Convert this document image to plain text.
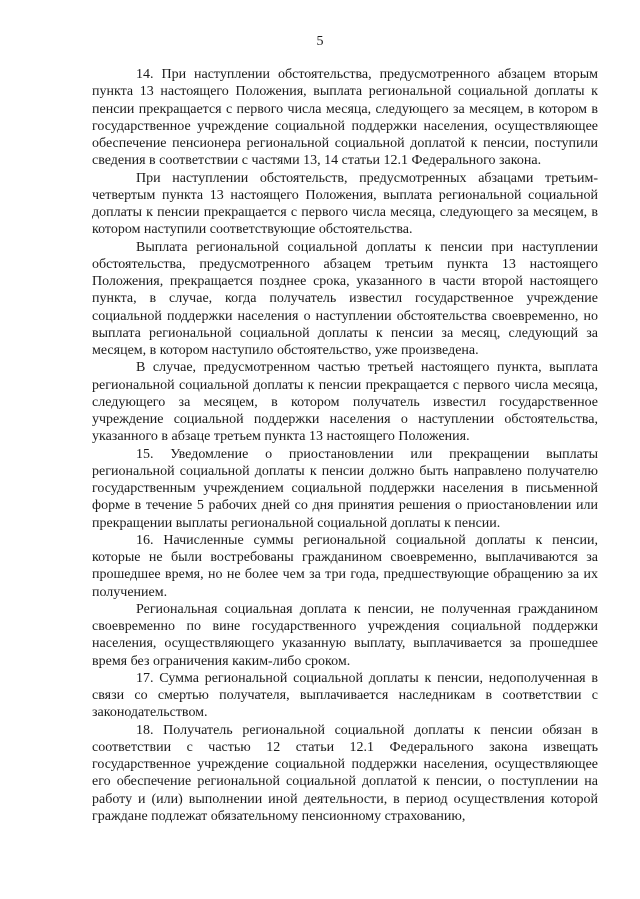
5

14. При наступлении обстоятельства, предусмотренного абзацем вторым пункта 13 настоящего Положения, выплата региональной социальной доплаты к пенсии прекращается с первого числа месяца, следующего за месяцем, в котором в государственное учреждение социальной поддержки населения, осуществляющее обеспечение пенсионера региональной социальной доплатой к пенсии, поступили сведения в соответствии с частями 13, 14 статьи 12.1 Федерального закона.

При наступлении обстоятельств, предусмотренных абзацами третьим-четвертым пункта 13 настоящего Положения, выплата региональной социальной доплаты к пенсии прекращается с первого числа месяца, следующего за месяцем, в котором наступили соответствующие обстоятельства.

Выплата региональной социальной доплаты к пенсии при наступлении обстоятельства, предусмотренного абзацем третьим пункта 13 настоящего Положения, прекращается позднее срока, указанного в части второй настоящего пункта, в случае, когда получатель известил государственное учреждение социальной поддержки населения о наступлении обстоятельства своевременно, но выплата региональной социальной доплаты к пенсии за месяц, следующий за месяцем, в котором наступило обстоятельство, уже произведена.

В случае, предусмотренном частью третьей настоящего пункта, выплата региональной социальной доплаты к пенсии прекращается с первого числа месяца, следующего за месяцем, в котором получатель известил государственное учреждение социальной поддержки населения о наступлении обстоятельства, указанного в абзаце третьем пункта 13 настоящего Положения.

15. Уведомление о приостановлении или прекращении выплаты региональной социальной доплаты к пенсии должно быть направлено получателю государственным учреждением социальной поддержки населения в письменной форме в течение 5 рабочих дней со дня принятия решения о приостановлении или прекращении выплаты региональной социальной доплаты к пенсии.

16. Начисленные суммы региональной социальной доплаты к пенсии, которые не были востребованы гражданином своевременно, выплачиваются за прошедшее время, но не более чем за три года, предшествующие обращению за их получением.

Региональная социальная доплата к пенсии, не полученная гражданином своевременно по вине государственного учреждения социальной поддержки населения, осуществляющего указанную выплату, выплачивается за прошедшее время без ограничения каким-либо сроком.

17. Сумма региональной социальной доплаты к пенсии, недополученная в связи со смертью получателя, выплачивается наследникам в соответствии с законодательством.

18. Получатель региональной социальной доплаты к пенсии обязан в соответствии с частью 12 статьи 12.1 Федерального закона извещать государственное учреждение социальной поддержки населения, осуществляющее его обеспечение региональной социальной доплатой к пенсии, о поступлении на работу и (или) выполнении иной деятельности, в период осуществления которой граждане подлежат обязательному пенсионному страхованию,
